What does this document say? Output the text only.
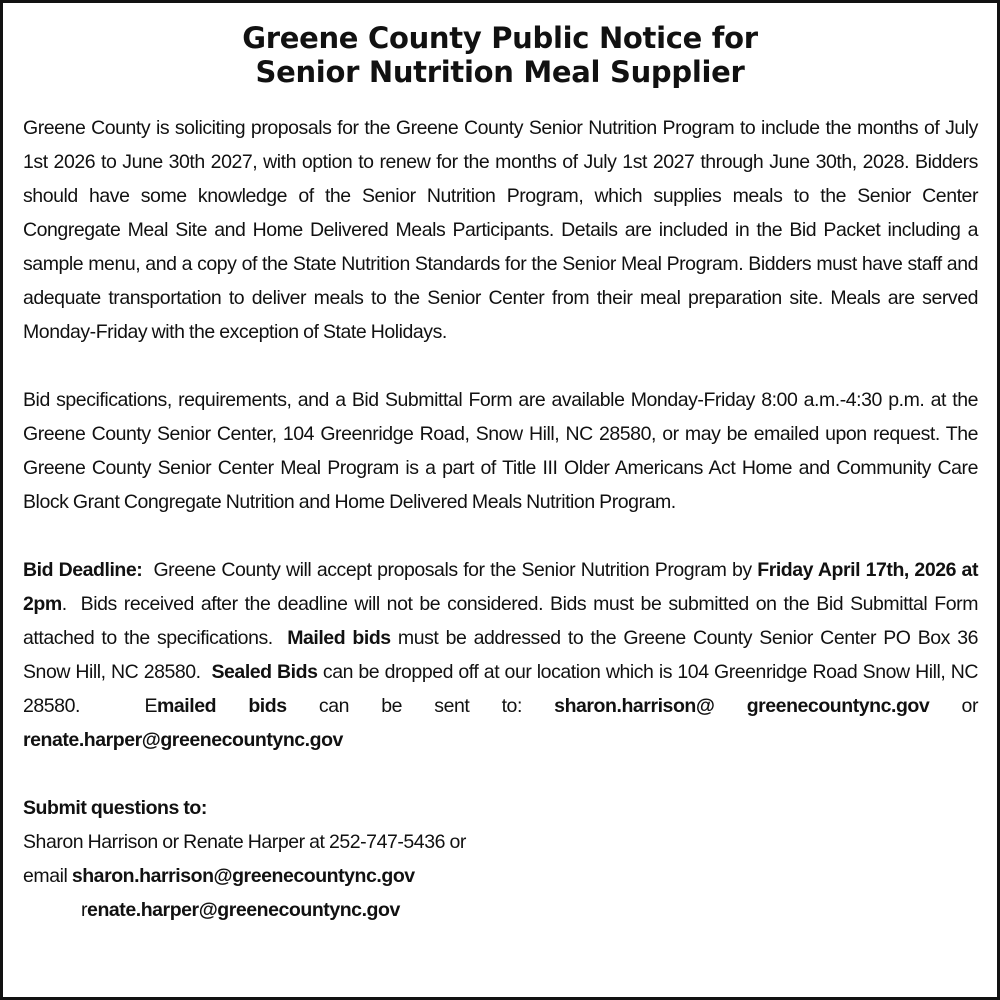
Greene County Public Notice for
Senior Nutrition Meal Supplier

Greene County is soliciting proposals for the Greene County Senior Nutrition Program to include the months of July 1st 2026 to June 30th 2027, with option to renew for the months of July 1st 2027 through June 30th, 2028. Bidders should have some knowledge of the Senior Nutrition Program, which supplies meals to the Senior Center Congregate Meal Site and Home Delivered Meals Participants. Details are included in the Bid Packet including a sample menu, and a copy of the State Nutrition Standards for the Senior Meal Program. Bidders must have staff and adequate transportation to deliver meals to the Senior Center from their meal preparation site. Meals are served Monday-Friday with the exception of State Holidays.

Bid specifications, requirements, and a Bid Submittal Form are available Monday-Friday 8:00 a.m.-4:30 p.m. at the Greene County Senior Center, 104 Greenridge Road, Snow Hill, NC 28580, or may be emailed upon request. The Greene County Senior Center Meal Program is a part of Title III Older Americans Act Home and Community Care Block Grant Congregate Nutrition and Home Delivered Meals Nutrition Program.

Bid Deadline:  Greene County will accept proposals for the Senior Nutrition Program by Friday April 17th, 2026 at 2pm.  Bids received after the deadline will not be considered. Bids must be submitted on the Bid Submittal Form attached to the specifications.  Mailed bids must be addressed to the Greene County Senior Center PO Box 36 Snow Hill, NC 28580.  Sealed Bids can be dropped off at our location which is 104 Greenridge Road Snow Hill, NC 28580.  Emailed bids can be sent to: sharon.harrison@ greenecountync.gov or renate.harper@greenecountync.gov

Submit questions to:
Sharon Harrison or Renate Harper at 252-747-5436 or
email sharon.harrison@greenecountync.gov
renate.harper@greenecountync.gov
